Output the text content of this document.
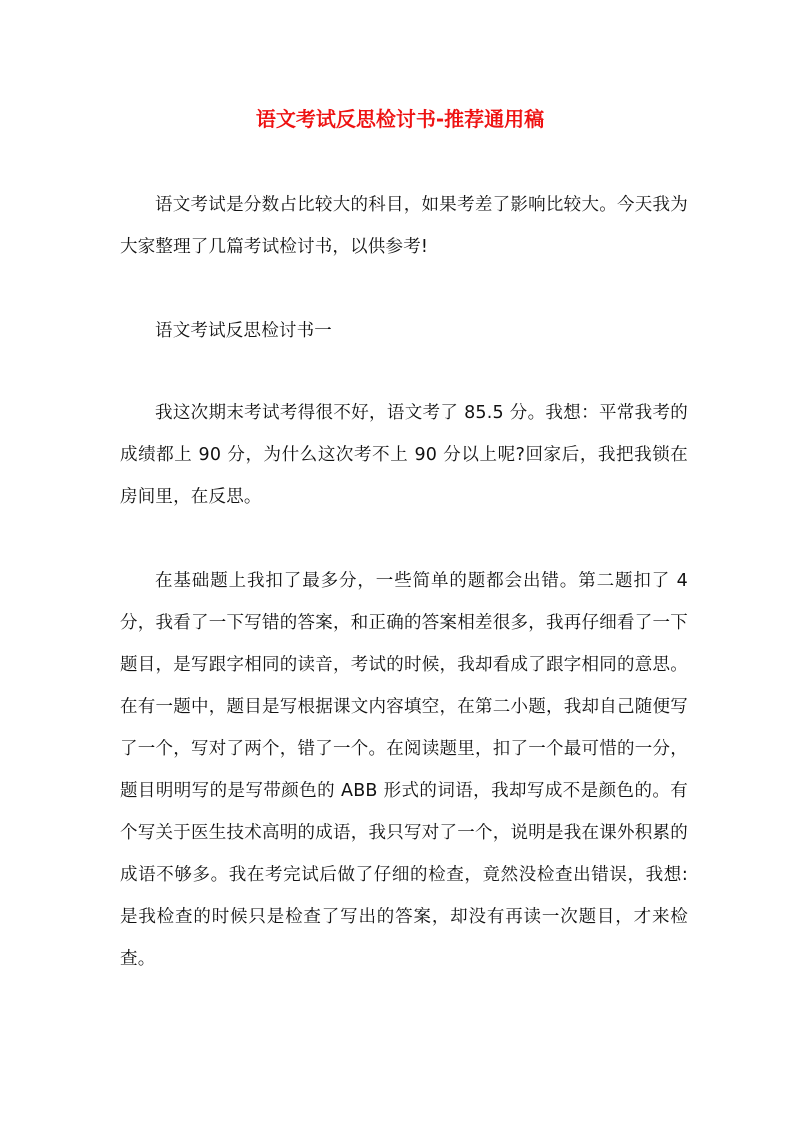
语文考试反思检讨书-推荐通用稿

语文考试是分数占比较大的科目，如果考差了影响比较大。今天我为大家整理了几篇考试检讨书，以供参考!

语文考试反思检讨书一

我这次期末考试考得很不好，语文考了 85.5 分。我想：平常我考的成绩都上 90 分，为什么这次考不上 90 分以上呢?回家后，我把我锁在房间里，在反思。

在基础题上我扣了最多分，一些简单的题都会出错。第二题扣了 4 分，我看了一下写错的答案，和正确的答案相差很多，我再仔细看了一下题目，是写跟字相同的读音，考试的时候，我却看成了跟字相同的意思。在有一题中，题目是写根据课文内容填空，在第二小题，我却自己随便写了一个，写对了两个，错了一个。在阅读题里，扣了一个最可惜的一分，题目明明写的是写带颜色的 ABB 形式的词语，我却写成不是颜色的。有个写关于医生技术高明的成语，我只写对了一个，说明是我在课外积累的成语不够多。我在考完试后做了仔细的检查，竟然没检查出错误，我想: 是我检查的时候只是检查了写出的答案，却没有再读一次题目，才来检查。
